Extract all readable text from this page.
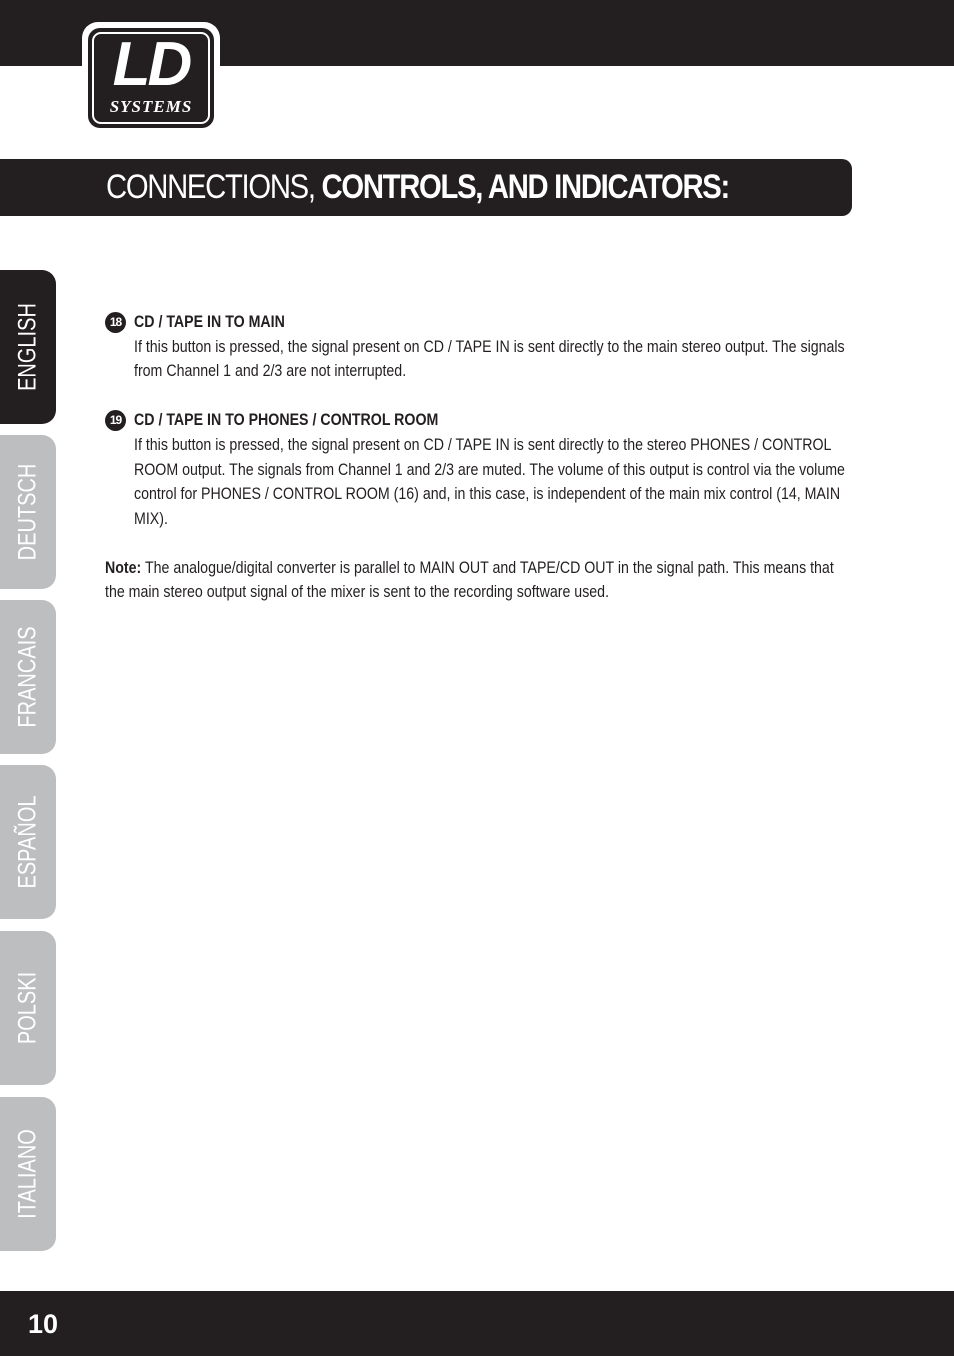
LD
SYSTEMS
CONNECTIONS, CONTROLS, AND INDICATORS:
ENGLISH
DEUTSCH
FRANCAIS
ESPAÑOL
POLSKI
ITALIANO
18 CD / TAPE IN TO MAIN
If this button is pressed, the signal present on CD / TAPE IN is sent directly to the main stereo output. The signals from Channel 1 and 2/3 are not interrupted.
19 CD / TAPE IN TO PHONES / CONTROL ROOM
If this button is pressed, the signal present on CD / TAPE IN is sent directly to the stereo PHONES / CONTROL ROOM output. The signals from Channel 1 and 2/3 are muted. The volume of this output is control via the volume control for PHONES / CONTROL ROOM (16) and, in this case, is independent of the main mix control (14, MAIN MIX).
Note: The analogue/digital converter is parallel to MAIN OUT and TAPE/CD OUT in the signal path. This means that the main stereo output signal of the mixer is sent to the recording software used.
10
